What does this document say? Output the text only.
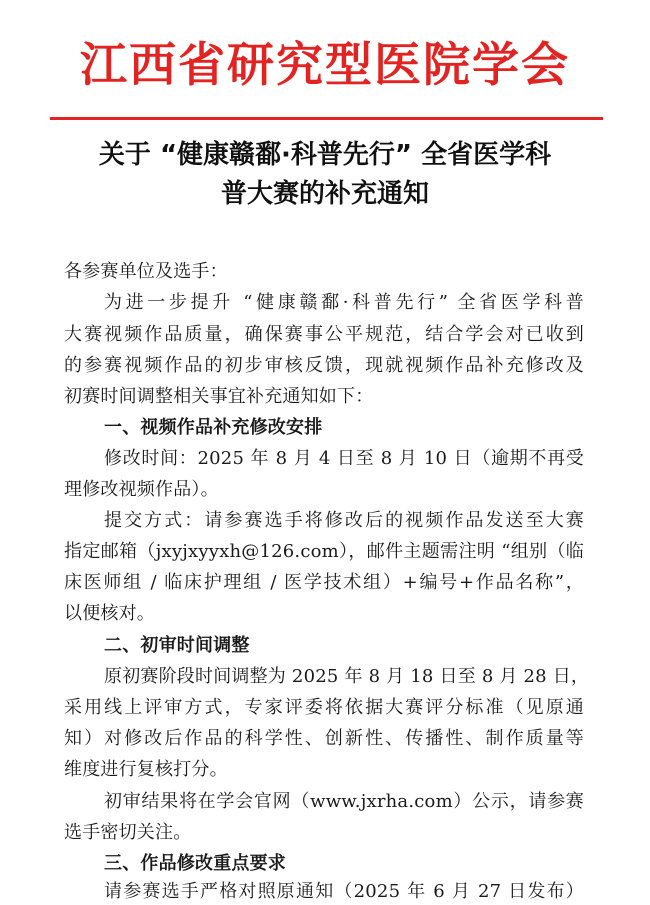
江西省研究型医院学会
关于 “健康赣鄱·科普先行” 全省医学科
普大赛的补充通知
各参赛单位及选手：
为进一步提升 “健康赣鄱·科普先行” 全省医学科普
大赛视频作品质量，确保赛事公平规范，结合学会对已收到
的参赛视频作品的初步审核反馈，现就视频作品补充修改及
初赛时间调整相关事宜补充通知如下：
一、视频作品补充修改安排
修改时间：2025 年 8 月 4 日至 8 月 10 日（逾期不再受
理修改视频作品）。
提交方式：请参赛选手将修改后的视频作品发送至大赛
指定邮箱（jxyjxyyxh@126.com），邮件主题需注明 “组别（临
床医师组 / 临床护理组 / 医学技术组）+编号+作品名称”，
以便核对。
二、初审时间调整
原初赛阶段时间调整为 2025 年 8 月 18 日至 8 月 28 日，
采用线上评审方式，专家评委将依据大赛评分标准（见原通
知）对修改后作品的科学性、创新性、传播性、制作质量等
维度进行复核打分。
初审结果将在学会官网（www.jxrha.com）公示，请参赛
选手密切关注。
三、作品修改重点要求
请参赛选手严格对照原通知（2025 年 6 月 27 日发布）
